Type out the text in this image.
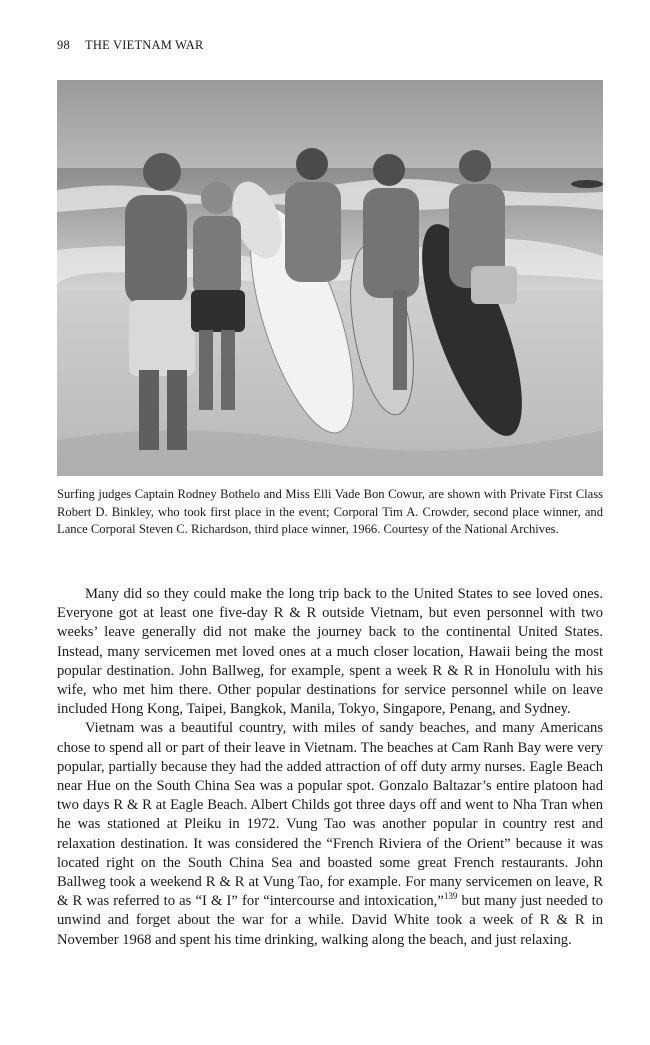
98 THE VIETNAM WAR
Surfing judges Captain Rodney Bothelo and Miss Elli Vade Bon Cowur, are shown with Private First Class Robert D. Binkley, who took first place in the event; Corporal Tim A. Crowder, second place winner, and Lance Corporal Steven C. Richardson, third place winner, 1966. Courtesy of the National Archives.

Many did so they could make the long trip back to the United States to see loved ones. Everyone got at least one five-day R & R outside Vietnam, but even personnel with two weeks’ leave generally did not make the journey back to the continental United States. Instead, many servicemen met loved ones at a much closer location, Hawaii being the most popular destination. John Ballweg, for example, spent a week R & R in Honolulu with his wife, who met him there. Other popular destinations for service personnel while on leave included Hong Kong, Taipei, Bangkok, Manila, Tokyo, Singapore, Penang, and Sydney.

Vietnam was a beautiful country, with miles of sandy beaches, and many Americans chose to spend all or part of their leave in Vietnam. The beaches at Cam Ranh Bay were very popular, partially because they had the added attraction of off duty army nurses. Eagle Beach near Hue on the South China Sea was a popular spot. Gonzalo Baltazar’s entire platoon had two days R & R at Eagle Beach. Albert Childs got three days off and went to Nha Tran when he was stationed at Pleiku in 1972. Vung Tao was another popular in country rest and relaxation destination. It was considered the “French Riviera of the Orient” because it was located right on the South China Sea and boasted some great French restaurants. John Ballweg took a weekend R & R at Vung Tao, for example. For many servicemen on leave, R & R was referred to as “I & I” for “intercourse and intoxication,”$^{139}$ but many just needed to unwind and forget about the war for a while. David White took a week of R & R in November 1968 and spent his time drinking, walking along the beach, and just relaxing.
